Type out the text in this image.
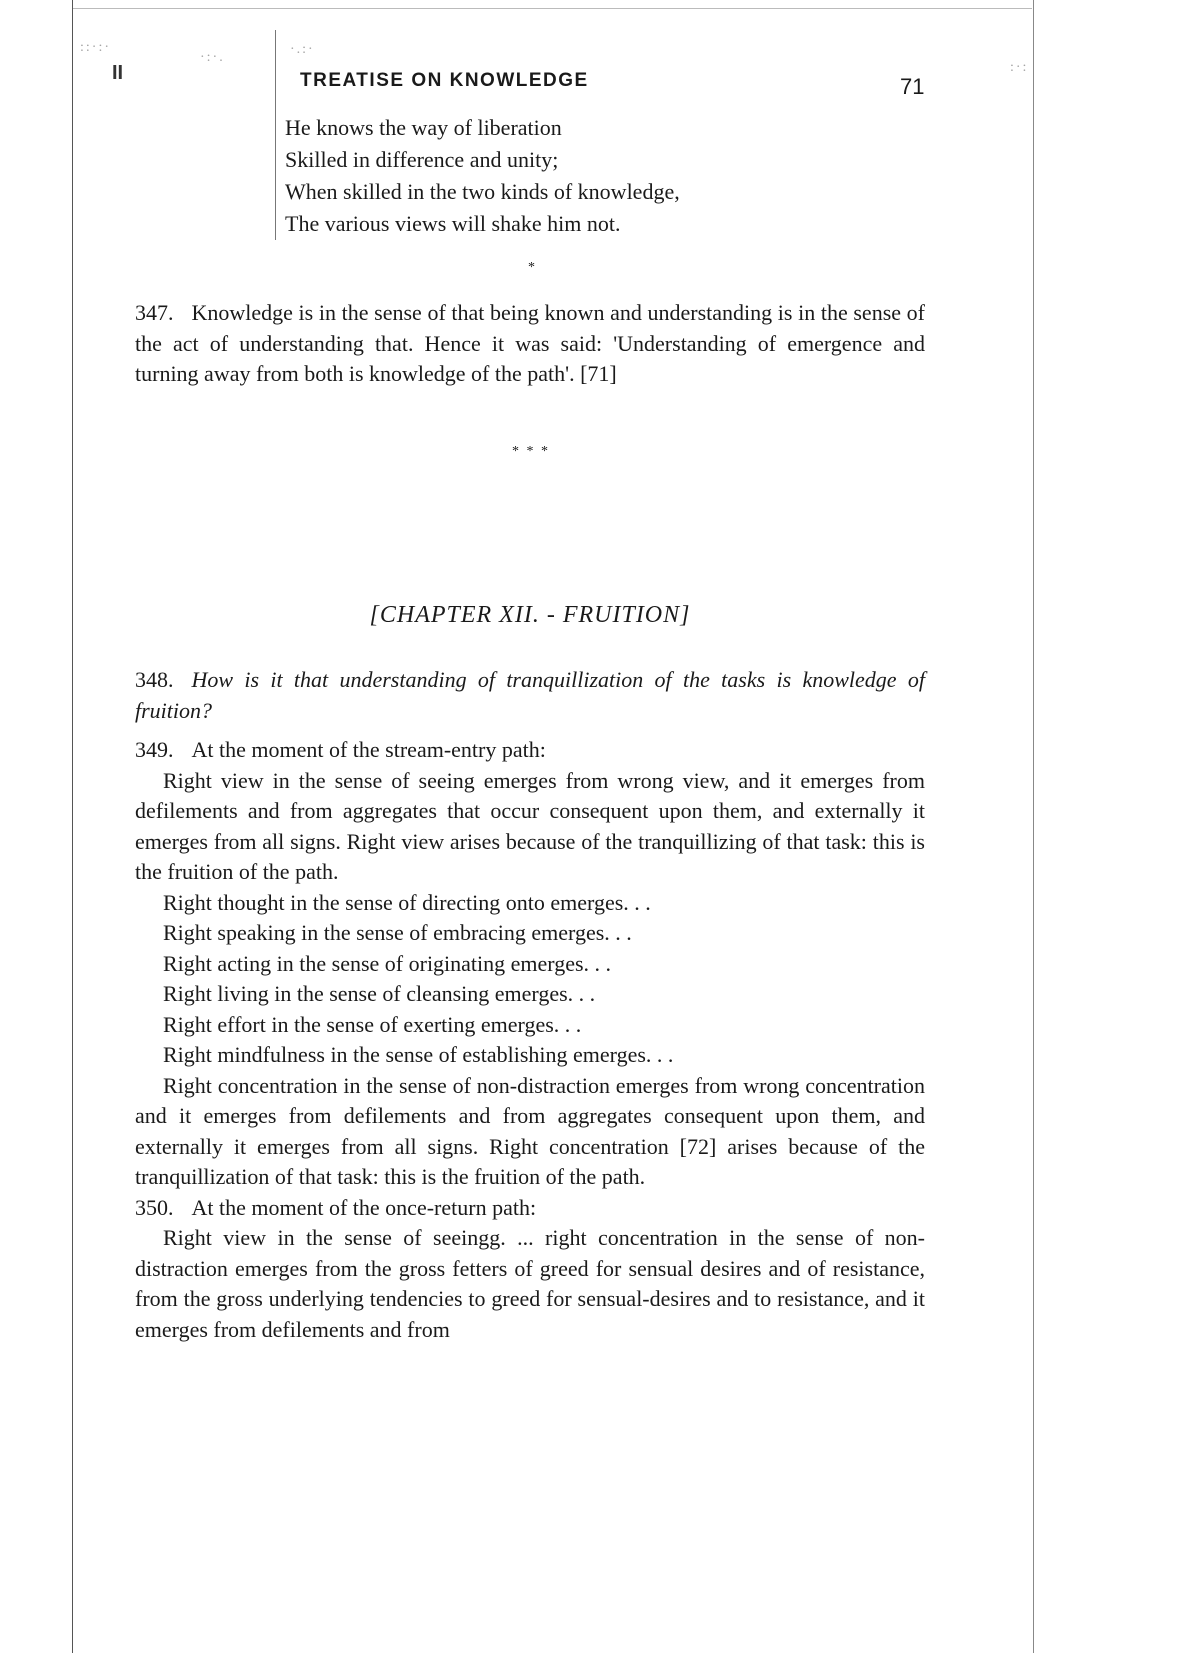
::·:·
·:·.
·.:·
:·:
II	TREATISE ON KNOWLEDGE	71
He knows the way of liberation
Skilled in difference and unity;
When skilled in the two kinds of knowledge,
The various views will shake him not.
*
347. Knowledge is in the sense of that being known and understanding is in the sense of the act of understanding that. Hence it was said: 'Understanding of emergence and turning away from both is knowledge of the path'. [71]
* * *
[CHAPTER XII. - FRUITION]
348. How is it that understanding of tranquillization of the tasks is knowledge of fruition?
349. At the moment of the stream-entry path:
Right view in the sense of seeing emerges from wrong view, and it emerges from defilements and from aggregates that occur consequent upon them, and externally it emerges from all signs. Right view arises because of the tranquillizing of that task: this is the fruition of the path.
Right thought in the sense of directing onto emerges. . .
Right speaking in the sense of embracing emerges. . .
Right acting in the sense of originating emerges. . .
Right living in the sense of cleansing emerges. . .
Right effort in the sense of exerting emerges. . .
Right mindfulness in the sense of establishing emerges. . .
Right concentration in the sense of non-distraction emerges from wrong concentration and it emerges from defilements and from aggregates consequent upon them, and externally it emerges from all signs. Right concentration [72] arises because of the tranquillization of that task: this is the fruition of the path.
350. At the moment of the once-return path:
Right view in the sense of seeingg. ... right concentration in the sense of non-distraction emerges from the gross fetters of greed for sensual desires and of resistance, from the gross underlying tendencies to greed for sensual-desires and to resistance, and it emerges from defilements and from
